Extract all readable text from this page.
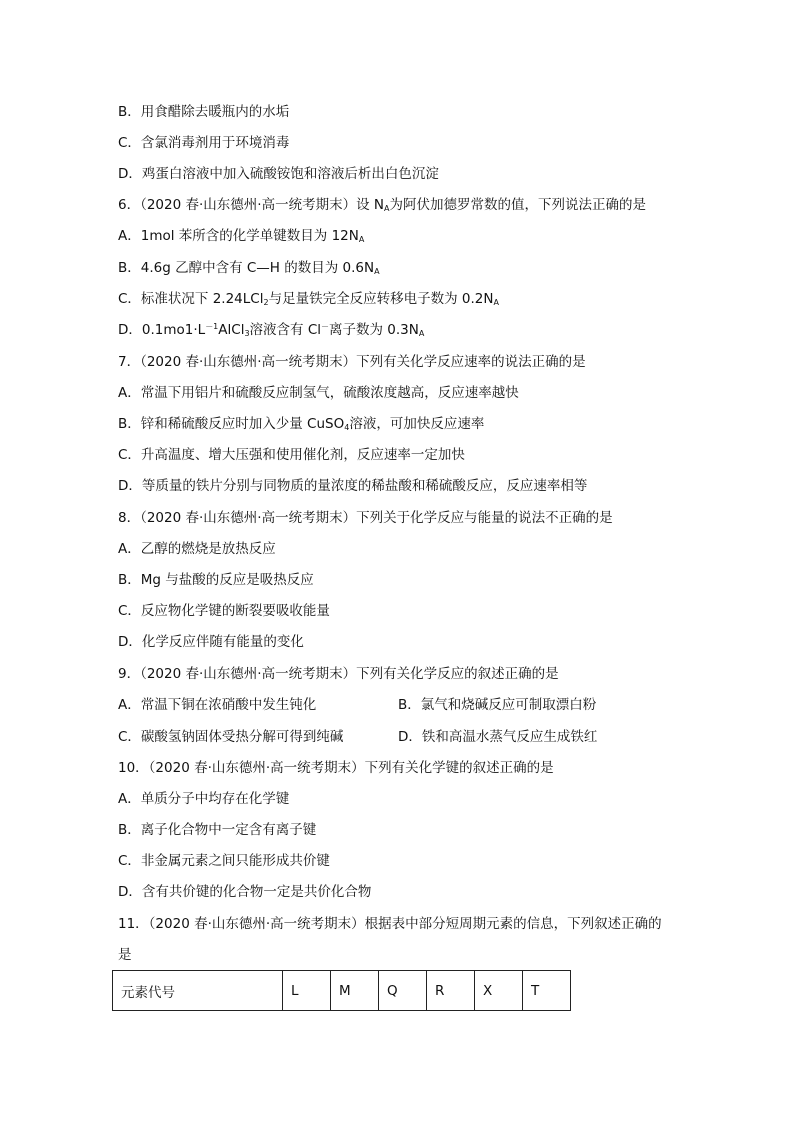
B．用食醋除去暖瓶内的水垢
C．含氯消毒剂用于环境消毒
D．鸡蛋白溶液中加入硫酸铵饱和溶液后析出白色沉淀
6．（2020 春·山东德州·高一统考期末）设 $N_A$为阿伏加德罗常数的值，下列说法正确的是
A．1mol 苯所含的化学单键数目为 $12N_A$
B．4.6g 乙醇中含有 C—H 的数目为 $0.6N_A$
C．标准状况下 2.24LCl$_2$与足量铁完全反应转移电子数为 $0.2N_A$
D．$0.1mo1\cdot L^{-1}AlCl_3$溶液含有 Cl－离子数为 $0.3N_A$
7．（2020 春·山东德州·高一统考期末）下列有关化学反应速率的说法正确的是
A．常温下用铝片和硫酸反应制氢气，硫酸浓度越高，反应速率越快
B．锌和稀硫酸反应时加入少量 CuSO$_4$溶液，可加快反应速率
C．升高温度、增大压强和使用催化剂，反应速率一定加快
D．等质量的铁片分别与同物质的量浓度的稀盐酸和稀硫酸反应，反应速率相等
8．（2020 春·山东德州·高一统考期末）下列关于化学反应与能量的说法不正确的是
A．乙醇的燃烧是放热反应
B．Mg 与盐酸的反应是吸热反应
C．反应物化学键的断裂要吸收能量
D．化学反应伴随有能量的变化
9．（2020 春·山东德州·高一统考期末）下列有关化学反应的叙述正确的是
A．常温下铜在浓硝酸中发生钝化	B．氯气和烧碱反应可制取漂白粉
C．碳酸氢钠固体受热分解可得到纯碱	D．铁和高温水蒸气反应生成铁红
10．（2020 春·山东德州·高一统考期末）下列有关化学键的叙述正确的是
A．单质分子中均存在化学键
B．离子化合物中一定含有离子键
C．非金属元素之间只能形成共价键
D．含有共价键的化合物一定是共价化合物
11．（2020 春·山东德州·高一统考期末）根据表中部分短周期元素的信息，下列叙述正确的
是
元素代号	L	M	Q	R	X	T
